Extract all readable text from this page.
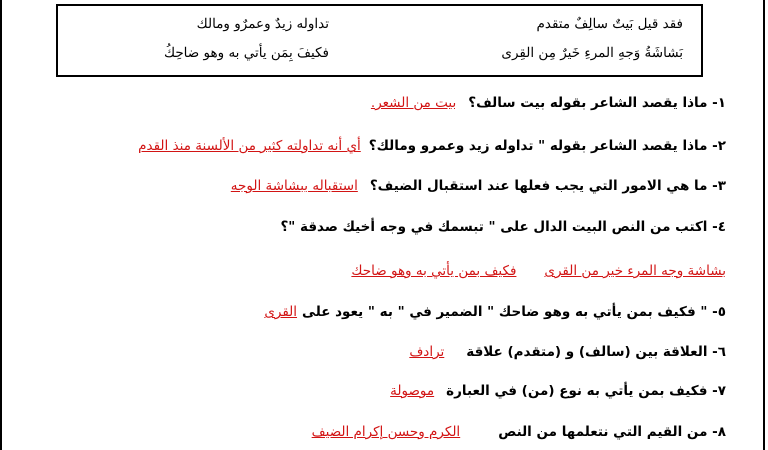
فقد قيل بَيتٌ سالِفٌ متقدم
تداوله زيدٌ وعمرٌو ومالك
بَشاشَةُ وَجهِ المرءِ خَيرٌ مِن القِرى
فكيفَ بِمَن يأتي به وهو ضاحِكُ
١- ماذا يقصد الشاعر بقوله بيت سالف؟بيت من الشعر.
٢- ماذا يقصد الشاعر بقوله " تداوله زيد وعمرو ومالك؟أي أنه تداولته كثير من الألسنة منذ القدم
٣- ما هي الامور التي يجب فعلها عند استقبال الضيف؟استقباله ببشاشة الوجه
٤- اكتب من النص البيت الدال على " تبسمك في وجه أخيك صدقة "؟
بشاشة وجه المرء خير من القرىفكيف بمن يأتي به وهو ضاحك
٥- " فكيف بمن يأتي به وهو ضاحك " الضمير في " به " يعود علىالقرى
٦- العلاقة بين (سالف) و (متقدم) علاقةترادف
٧- فكيف بمن يأتي به نوع (من) في العبارةموصولة
٨- من القيم التي نتعلمها من النصالكرم وحسن إكرام الضيف
